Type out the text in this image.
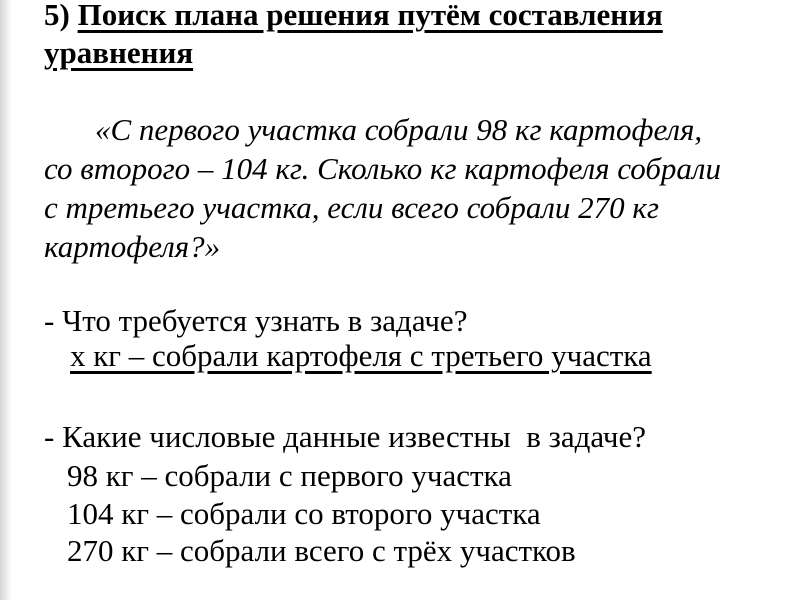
5) Поиск плана решения путём составления
уравнения
«С первого участка собрали 98 кг картофеля,
со второго – 104 кг. Сколько кг картофеля собрали
с третьего участка, если всего собрали 270 кг
картофеля?»
- Что требуется узнать в задаче?
х кг – собрали картофеля с третьего участка
- Какие числовые данные известны  в задаче?
98 кг – собрали с первого участка
104 кг – собрали со второго участка
270 кг – собрали всего с трёх участков
